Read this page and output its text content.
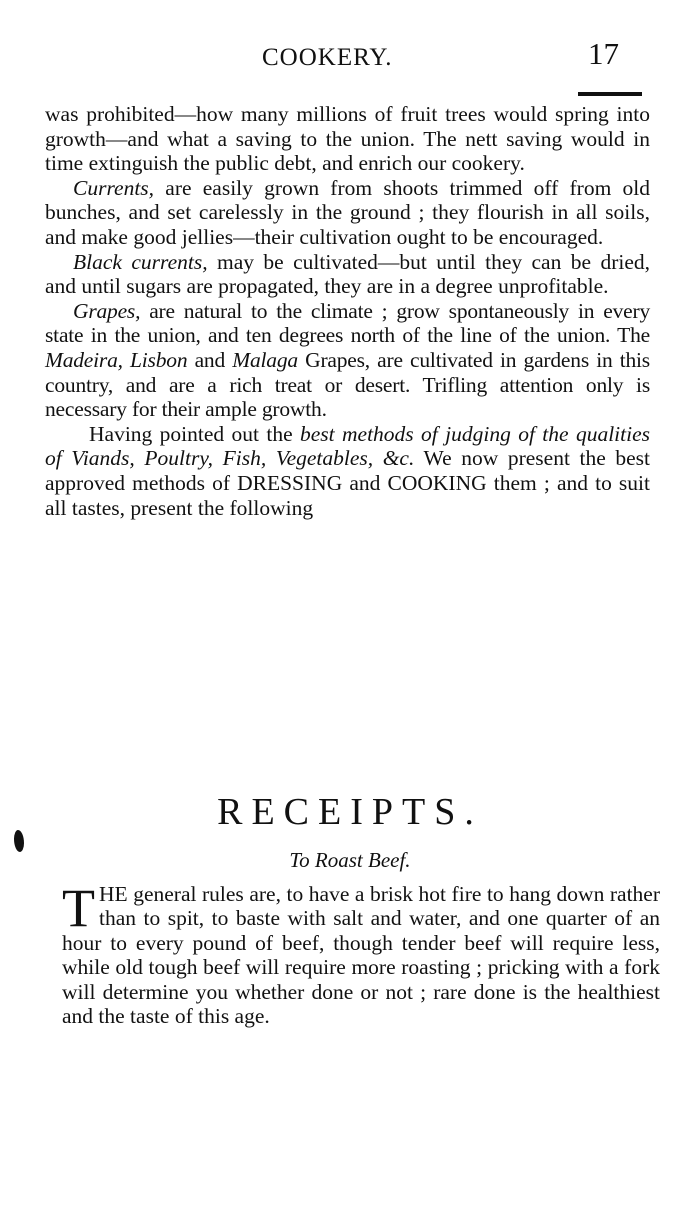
COOKERY.	17

was prohibited—how many millions of fruit trees would spring into growth—and what a saving to the union. The nett saving would in time extinguish the public debt, and enrich our cookery.

Currents, are easily grown from shoots trimmed off from old bunches, and set carelessly in the ground ; they flourish in all soils, and make good jellies—their cultivation ought to be encouraged.

Black currents, may be cultivated—but until they can be dried, and until sugars are propagated, they are in a degree unprofitable.

Grapes, are natural to the climate ; grow spontaneously in every state in the union, and ten degrees north of the line of the union. The Madeira, Lisbon and Malaga Grapes, are cultivated in gardens in this country, and are a rich treat or desert. Trifling attention only is necessary for their ample growth.

Having pointed out the best methods of judging of the qualities of Viands, Poultry, Fish, Vegetables, &c. We now present the best approved methods of DRESSING and COOKING them ; and to suit all tastes, present the following

RECEIPTS.
To Roast Beef.
THE general rules are, to have a brisk hot fire to hang down rather than to spit, to baste with salt and water, and one quarter of an hour to every pound of beef, though tender beef will require less, while old tough beef will require more roasting ; pricking with a fork will determine you whether done or not ; rare done is the healthiest and the taste of this age.
